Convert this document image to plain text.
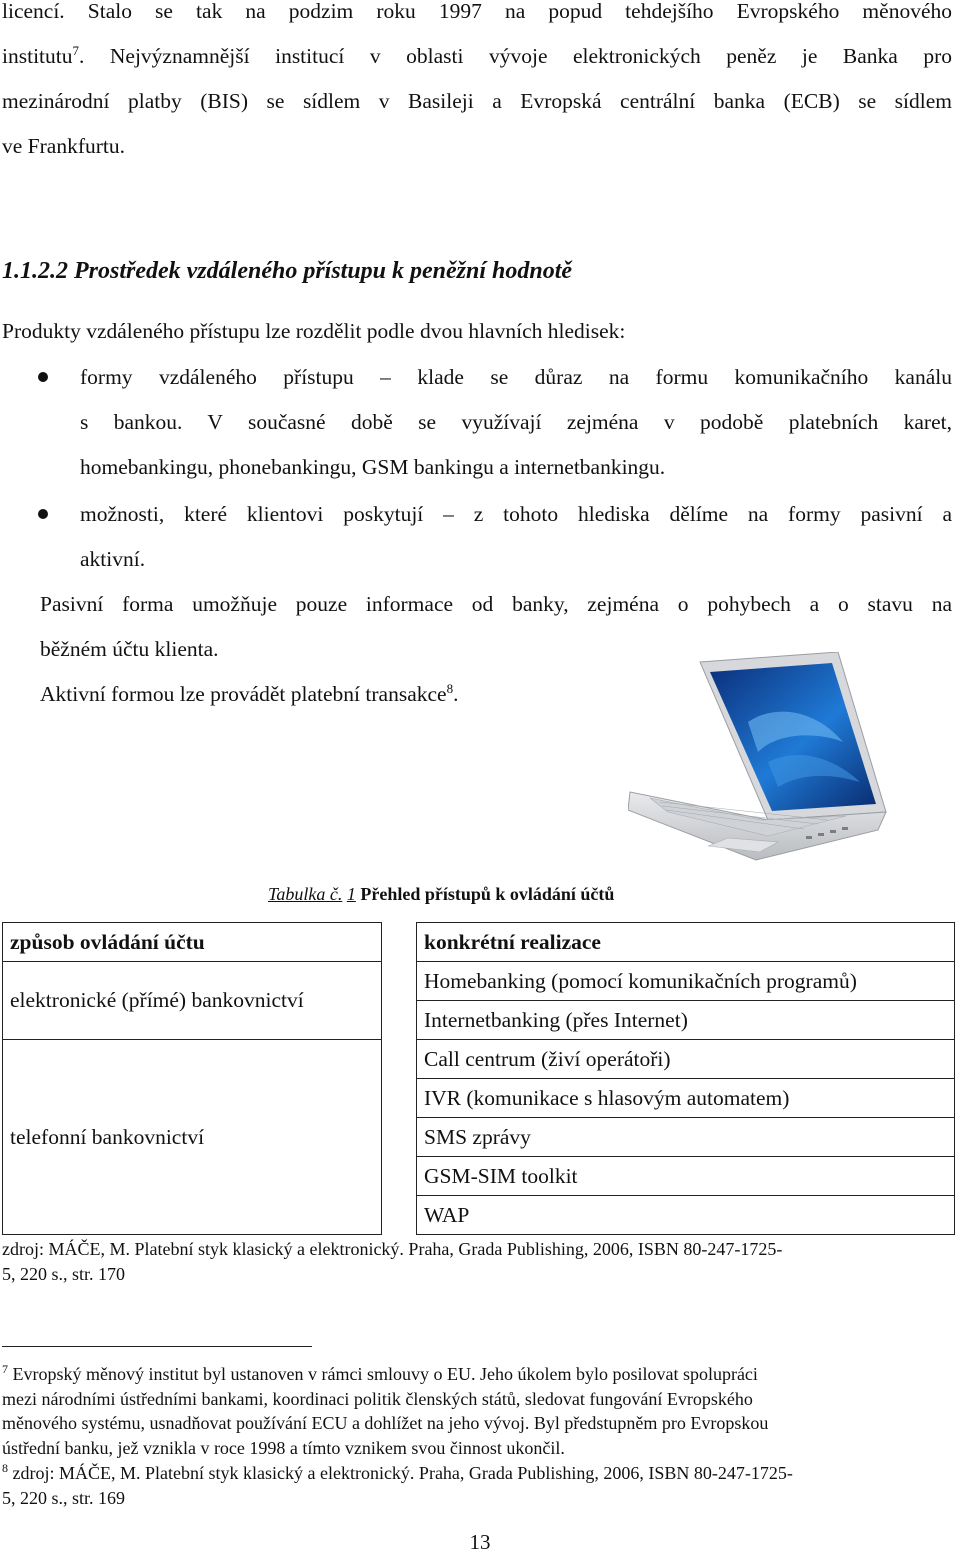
licencí. Stalo se tak na podzim roku 1997 na popud tehdejšího Evropského měnového
institutu$^7$. Nejvýznamnější institucí v oblasti vývoje elektronických peněz je Banka pro
mezinárodní platby (BIS) se sídlem v Basileji a Evropská centrální banka (ECB) se sídlem
ve Frankfurtu.
1.1.2.2 Prostředek vzdáleného přístupu k peněžní hodnotě
Produkty vzdáleného přístupu lze rozdělit podle dvou hlavních hledisek:
formy vzdáleného přístupu – klade se důraz na formu komunikačního kanálu
s bankou. V současné době se využívají zejména v podobě platebních karet,
homebankingu, phonebankingu, GSM bankingu a internetbankingu.
možnosti, které klientovi poskytují – z tohoto hlediska dělíme na formy pasivní a
aktivní.
Pasivní forma umožňuje pouze informace od banky, zejména o pohybech a o stavu na
běžném účtu klienta.
Aktivní formou lze provádět platební transakce$^8$.
Tabulka č. 1 Přehled přístupů k ovládání účtů
způsob ovládání účtu		konkrétní realizace
elektronické (přímé) bankovnictví		Homebanking (pomocí komunikačních programů)
		Internetbanking (přes Internet)
telefonní bankovnictví		Call centrum (živí operátoři)
		IVR (komunikace s hlasovým automatem)
		SMS zprávy
		GSM-SIM toolkit
		WAP
zdroj: MÁČE, M. Platební styk klasický a elektronický. Praha, Grada Publishing, 2006, ISBN 80-247-1725-
5, 220 s., str. 170
$^7$ Evropský měnový institut byl ustanoven v rámci smlouvy o EU. Jeho úkolem bylo posilovat spolupráci
mezi národními ústředními bankami, koordinaci politik členských států, sledovat fungování Evropského
měnového systému, usnadňovat používání ECU a dohlížet na jeho vývoj. Byl předstupněm pro Evropskou
ústřední banku, jež vznikla v roce 1998 a tímto vznikem svou činnost ukončil.
$^8$ zdroj: MÁČE, M. Platební styk klasický a elektronický. Praha, Grada Publishing, 2006, ISBN 80-247-1725-
5, 220 s., str. 169
13
